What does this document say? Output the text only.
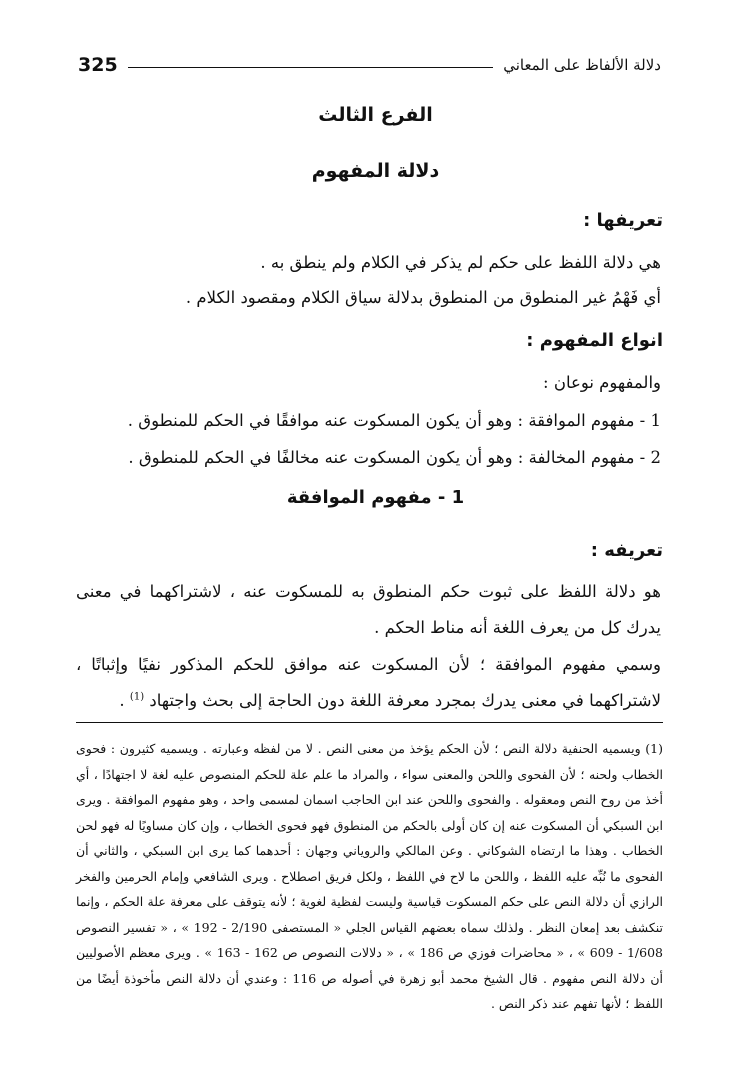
دلالة الألفاظ على المعاني
325
الفرع الثالث
دلالة المفهوم
تعريفها :
هي دلالة اللفظ على حكم لم يذكر في الكلام ولم ينطق به .
أي فَهْمُ غير المنطوق من المنطوق بدلالة سياق الكلام ومقصود الكلام .
انواع المفهوم :
والمفهوم نوعان :
1 - مفهوم الموافقة : وهو أن يكون المسكوت عنه موافقًا في الحكم للمنطوق .
2 - مفهوم المخالفة : وهو أن يكون المسكوت عنه مخالفًا في الحكم للمنطوق .
1 - مفهوم الموافقة
تعريفه :
هو دلالة اللفظ على ثبوت حكم المنطوق به للمسكوت عنه ، لاشتراكهما في معنى
يدرك كل من يعرف اللغة أنه مناط الحكم .
وسمي مفهوم الموافقة ؛ لأن المسكوت عنه موافق للحكم المذكور نفيًا وإثباتًا ،
لاشتراكهما في معنى يدرك بمجرد معرفة اللغة دون الحاجة إلى بحث واجتهاد $^{(1)}$ .
(1) ويسميه الحنفية دلالة النص ؛ لأن الحكم يؤخذ من معنى النص . لا من لفظه وعبارته . ويسميه كثيرون : فحوى الخطاب ولحنه ؛ لأن الفحوى واللحن والمعنى سواء ، والمراد ما علم علة للحكم المنصوص عليه لغة لا اجتهادًا ، أي أخذ من روح النص ومعقوله . والفحوى واللحن عند ابن الحاجب اسمان لمسمى واحد ، وهو مفهوم الموافقة . ويرى ابن السبكي أن المسكوت عنه إن كان أولى بالحكم من المنطوق فهو فحوى الخطاب ، وإن كان مساويًا له فهو لحن الخطاب . وهذا ما ارتضاه الشوكاني . وعن المالكي والروياني وجهان : أحدهما كما يرى ابن السبكي ، والثاني أن الفحوى ما نُبِّه عليه اللفظ ، واللحن ما لاح في اللفظ ، ولكل فريق اصطلاح . ويرى الشافعي وإمام الحرمين والفخر الرازي أن دلالة النص على حكم المسكوت قياسية وليست لفظية لغوية ؛ لأنه يتوقف على معرفة علة الحكم ، وإنما تنكشف بعد إمعان النظر . ولذلك سماه بعضهم القياس الجلي « المستصفى 2/190 - 192 » ، « تفسير النصوص 1/608 - 609 » ، « محاضرات فوزي ص 186 » ، « دلالات النصوص ص 162 - 163 » . ويرى معظم الأصوليين أن دلالة النص مفهوم . قال الشيخ محمد أبو زهرة في أصوله ص 116 : وعندي أن دلالة النص مأخوذة أيضًا من اللفظ ؛ لأنها تفهم عند ذكر النص .
